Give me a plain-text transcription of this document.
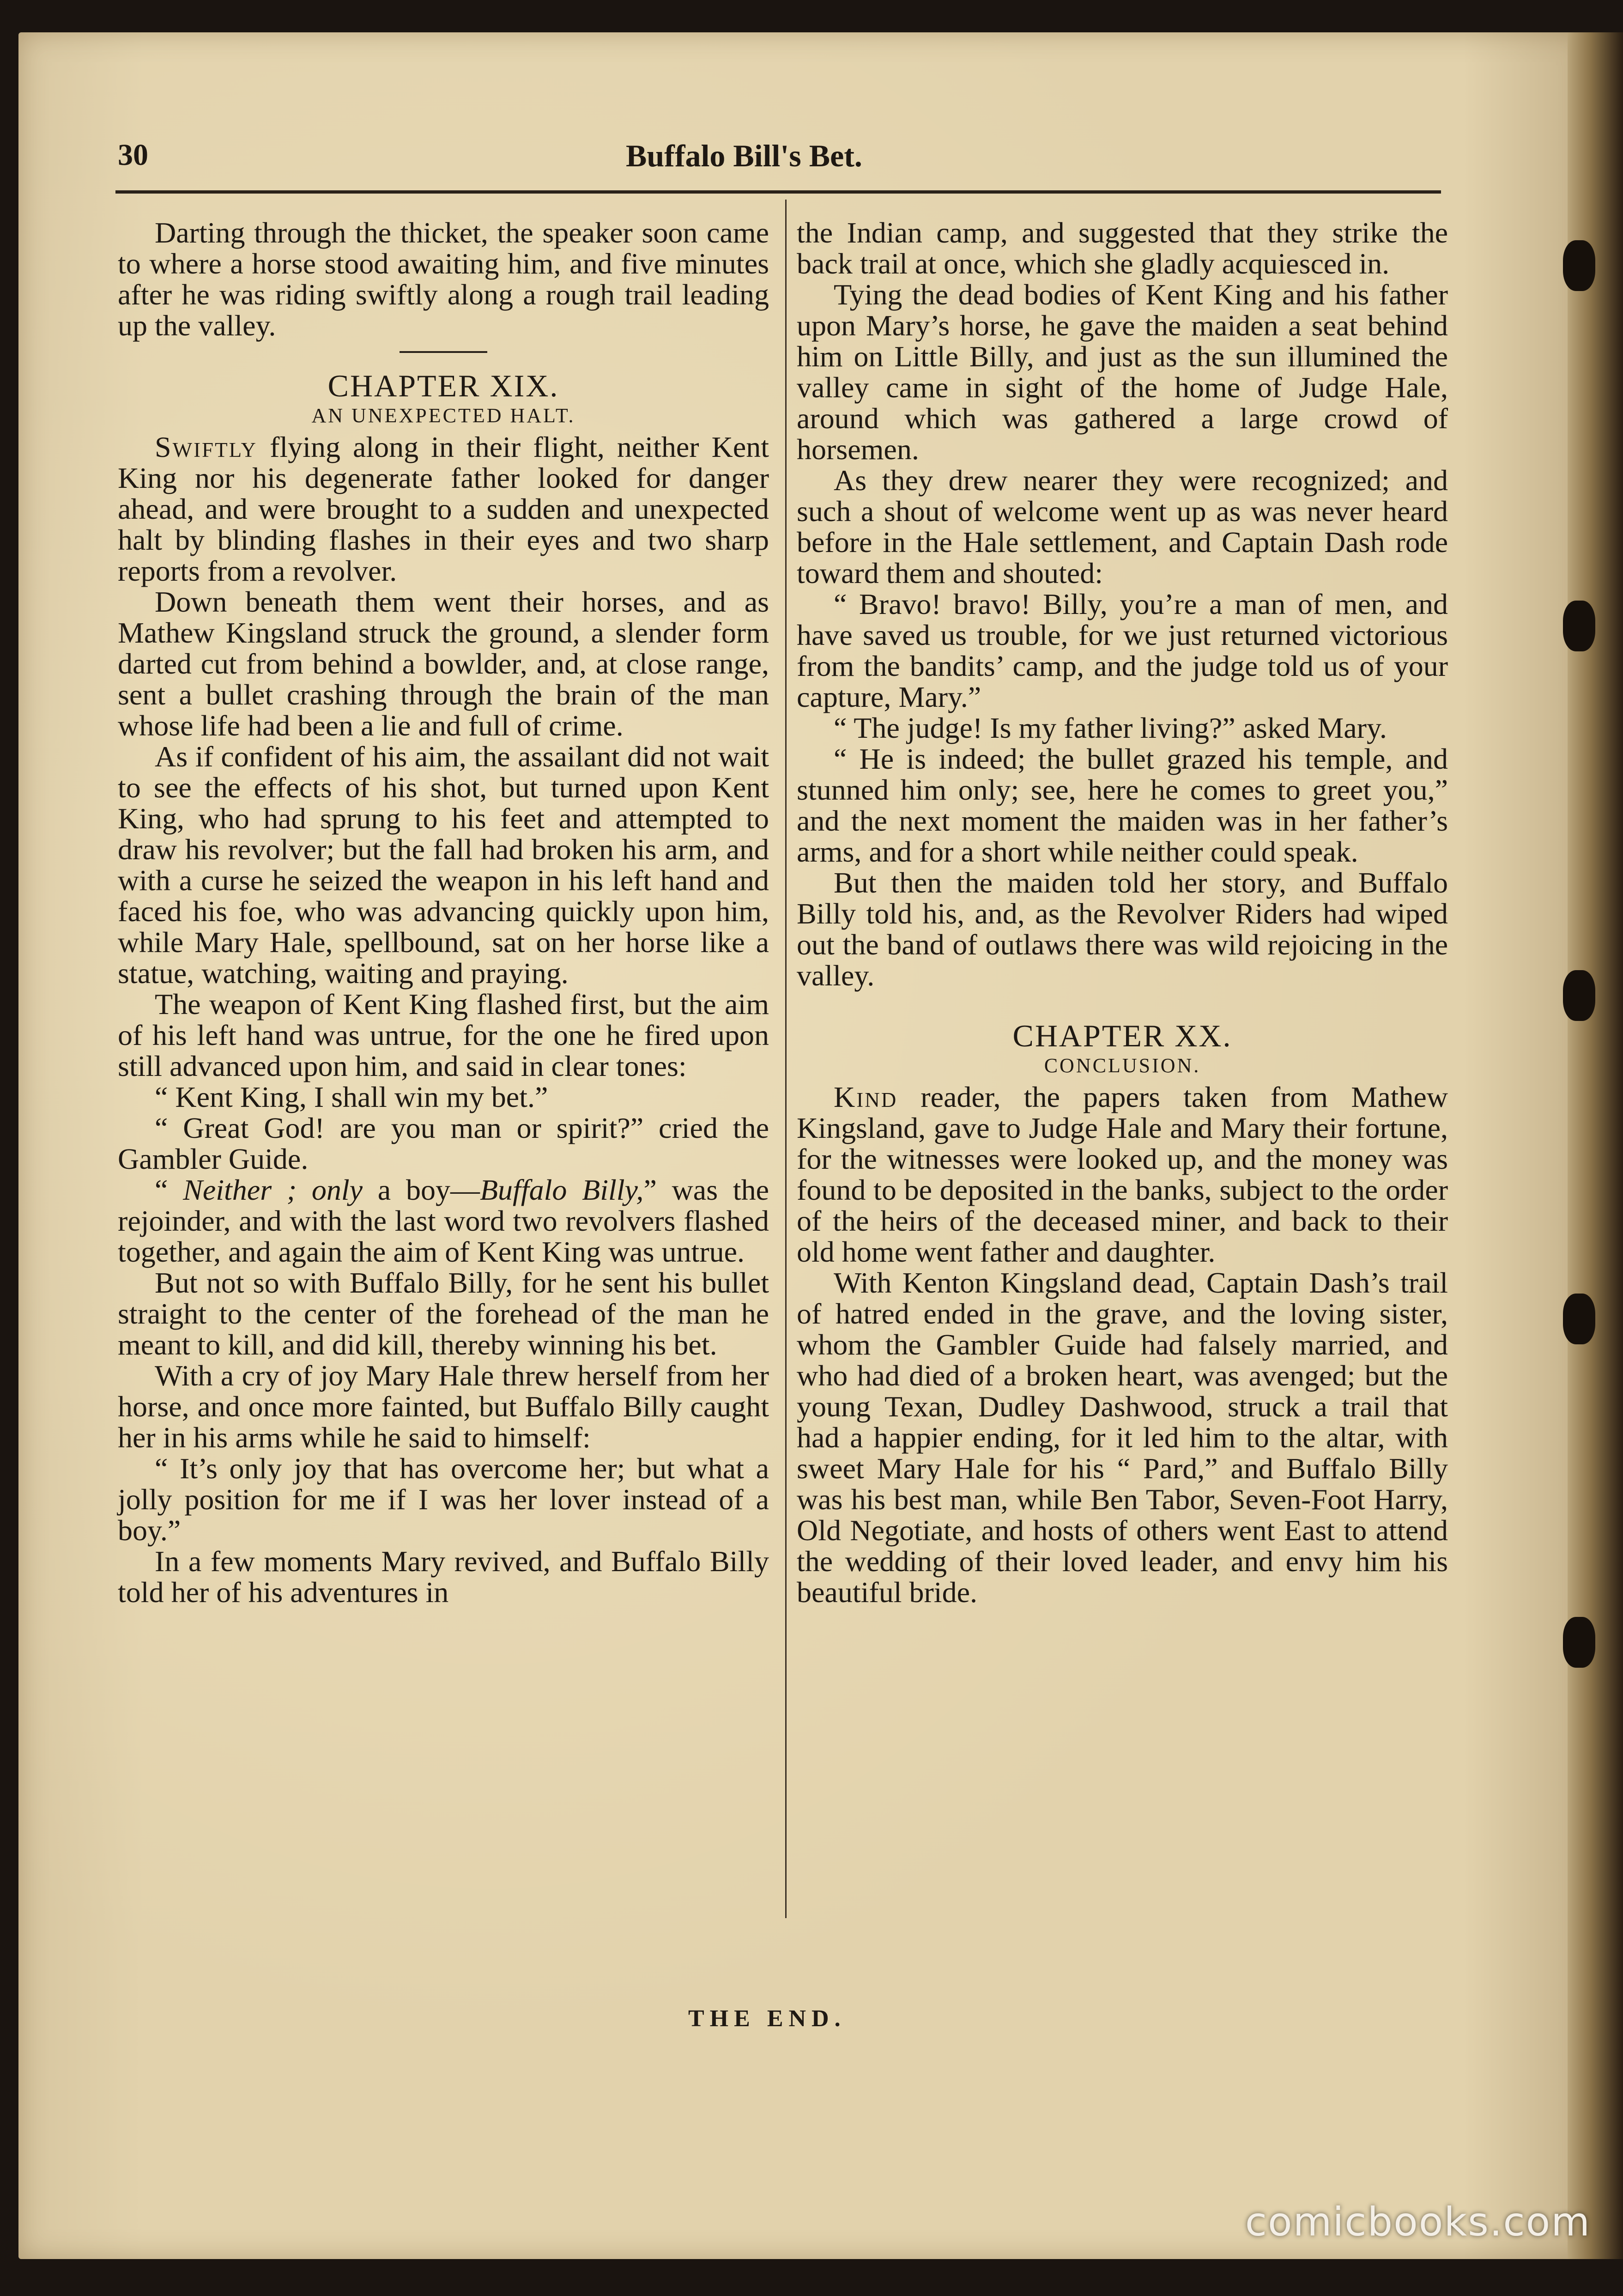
30	Buffalo Bill's Bet.

Darting through the thicket, the speaker soon came to where a horse stood awaiting him, and five minutes after he was riding swiftly along a rough trail leading up the valley.

CHAPTER XIX.

AN UNEXPECTED HALT.

Swiftly flying along in their flight, neither Kent King nor his degenerate father looked for danger ahead, and were brought to a sudden and unexpected halt by blinding flashes in their eyes and two sharp reports from a revolver.

Down beneath them went their horses, and as Mathew Kingsland struck the ground, a slender form darted cut from behind a bowlder, and, at close range, sent a bullet crashing through the brain of the man whose life had been a lie and full of crime.

As if confident of his aim, the assailant did not wait to see the effects of his shot, but turned upon Kent King, who had sprung to his feet and attempted to draw his revolver; but the fall had broken his arm, and with a curse he seized the weapon in his left hand and faced his foe, who was advancing quickly upon him, while Mary Hale, spellbound, sat on her horse like a statue, watching, waiting and praying.

The weapon of Kent King flashed first, but the aim of his left hand was untrue, for the one he fired upon still advanced upon him, and said in clear tones:

“ Kent King, I shall win my bet.”

“ Great God! are you man or spirit?” cried the Gambler Guide.

“ Neither ; only a boy—Buffalo Billy,” was the rejoinder, and with the last word two revolvers flashed together, and again the aim of Kent King was untrue.

But not so with Buffalo Billy, for he sent his bullet straight to the center of the forehead of the man he meant to kill, and did kill, thereby winning his bet.

With a cry of joy Mary Hale threw herself from her horse, and once more fainted, but Buffalo Billy caught her in his arms while he said to himself:

“ It’s only joy that has overcome her; but what a jolly position for me if I was her lover instead of a boy.”

In a few moments Mary revived, and Buffalo Billy told her of his adventures in

the Indian camp, and suggested that they strike the back trail at once, which she gladly acquiesced in.

Tying the dead bodies of Kent King and his father upon Mary’s horse, he gave the maiden a seat behind him on Little Billy, and just as the sun illumined the valley came in sight of the home of Judge Hale, around which was gathered a large crowd of horsemen.

As they drew nearer they were recognized; and such a shout of welcome went up as was never heard before in the Hale settlement, and Captain Dash rode toward them and shouted:

“ Bravo! bravo! Billy, you’re a man of men, and have saved us trouble, for we just returned victorious from the bandits’ camp, and the judge told us of your capture, Mary.”

“ The judge! Is my father living?” asked Mary.

“ He is indeed; the bullet grazed his temple, and stunned him only; see, here he comes to greet you,” and the next moment the maiden was in her father’s arms, and for a short while neither could speak.

But then the maiden told her story, and Buffalo Billy told his, and, as the Revolver Riders had wiped out the band of outlaws there was wild rejoicing in the valley.

CHAPTER XX.

CONCLUSION.

Kind reader, the papers taken from Mathew Kingsland, gave to Judge Hale and Mary their fortune, for the witnesses were looked up, and the money was found to be deposited in the banks, subject to the order of the heirs of the deceased miner, and back to their old home went father and daughter.

With Kenton Kingsland dead, Captain Dash’s trail of hatred ended in the grave, and the loving sister, whom the Gambler Guide had falsely married, and who had died of a broken heart, was avenged; but the young Texan, Dudley Dashwood, struck a trail that had a happier ending, for it led him to the altar, with sweet Mary Hale for his “ Pard,” and Buffalo Billy was his best man, while Ben Tabor, Seven-Foot Harry, Old Negotiate, and hosts of others went East to attend the wedding of their loved leader, and envy him his beautiful bride.

THE END.
comicbooks.com
